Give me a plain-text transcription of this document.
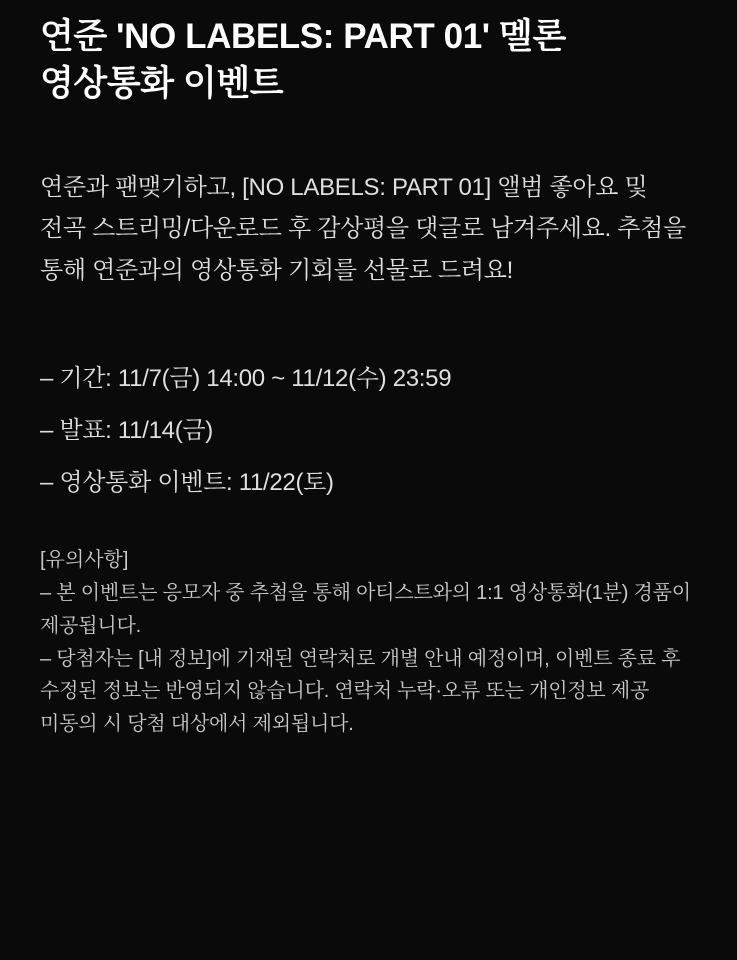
연준 'NO LABELS: PART 01' 멜론 영상통화 이벤트

연준과 팬맺기하고, [NO LABELS: PART 01] 앨범 좋아요 및 전곡 스트리밍/다운로드 후 감상평을 댓글로 남겨주세요. 추첨을 통해 연준과의 영상통화 기회를 선물로 드려요!

– 기간: 11/7(금) 14:00 ~ 11/12(수) 23:59
– 발표: 11/14(금)
– 영상통화 이벤트: 11/22(토)

[유의사항]

– 본 이벤트는 응모자 중 추첨을 통해 아티스트와의 1:1 영상통화(1분) 경품이 제공됩니다.
– 당첨자는 [내 정보]에 기재된 연락처로 개별 안내 예정이며, 이벤트 종료 후 수정된 정보는 반영되지 않습니다. 연락처 누락·오류 또는 개인정보 제공 미동의 시 당첨 대상에서 제외됩니다.
